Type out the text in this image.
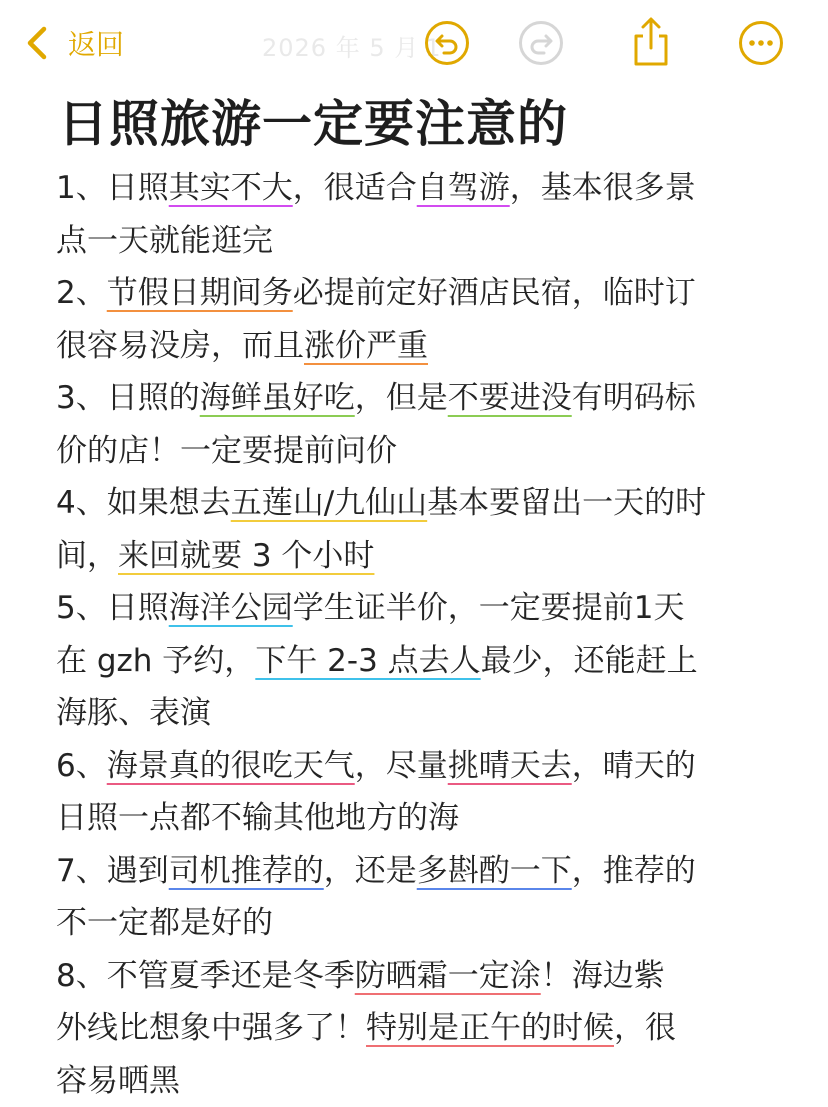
返回	2026 年 5 月 1
日照旅游一定要注意的
1、日照其实不大，很适合自驾游，基本很多景
点一天就能逛完
2、节假日期间务必提前定好酒店民宿，临时订
很容易没房，而且涨价严重
3、日照的海鲜虽好吃，但是不要进没有明码标
价的店！一定要提前问价
4、如果想去五莲山/九仙山基本要留出一天的时
间，来回就要 3 个小时
5、日照海洋公园学生证半价，一定要提前1天
在 gzh 予约，下午 2-3 点去人最少，还能赶上
海豚、表演
6、海景真的很吃天气，尽量挑晴天去，晴天的
日照一点都不输其他地方的海
7、遇到司机推荐的，还是多斟酌一下，推荐的
不一定都是好的
8、不管夏季还是冬季防晒霜一定涂！海边紫
外线比想象中强多了！特别是正午的时候，很
容易晒黑
